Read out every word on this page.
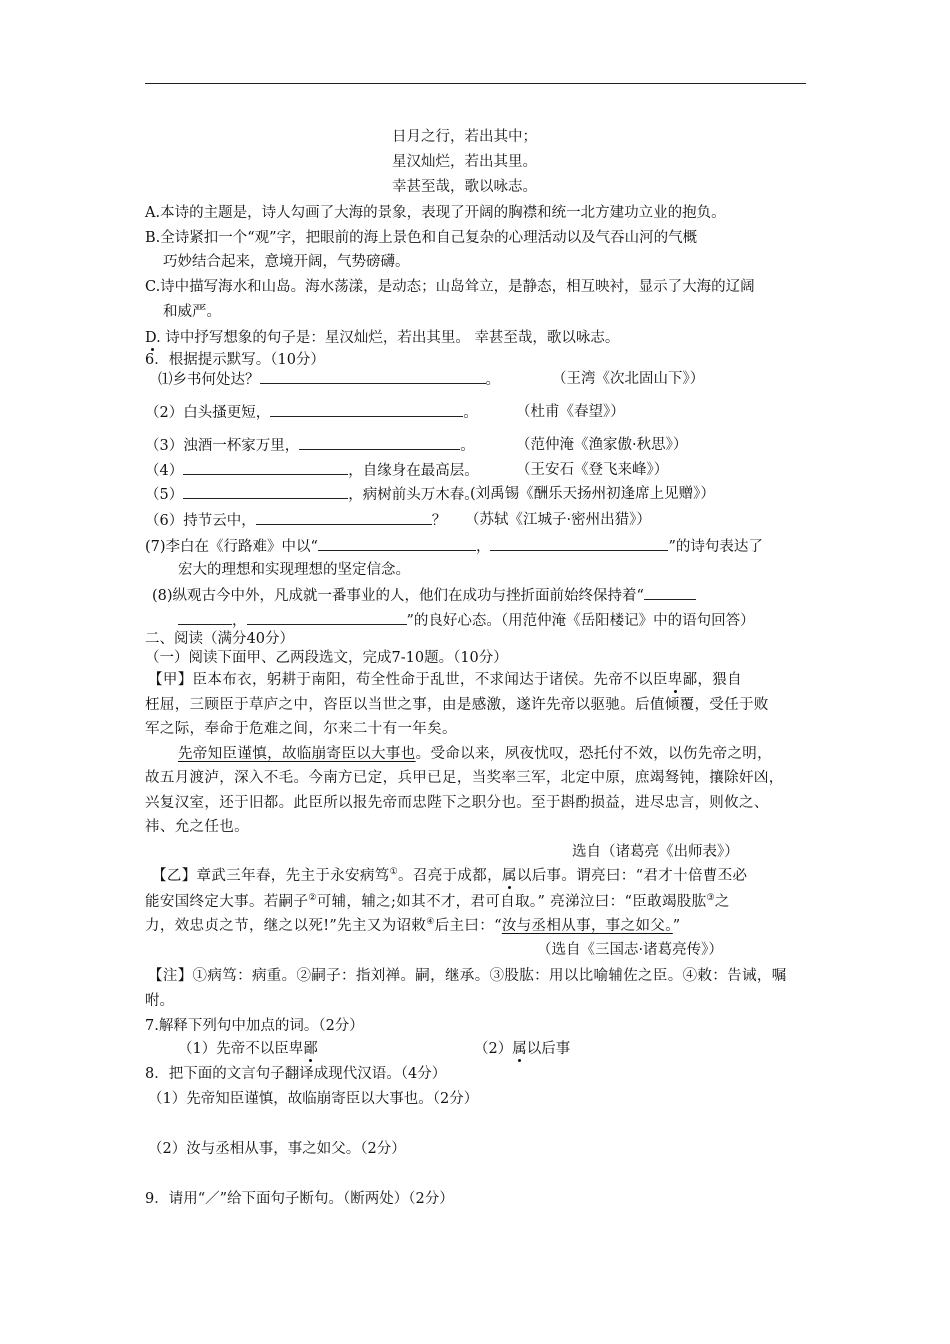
日月之行，若出其中；
星汉灿烂，若出其里。
幸甚至哉，歌以咏志。
A.本诗的主题是，诗人勾画了大海的景象，表现了开阔的胸襟和统一北方建功立业的抱负。
B.全诗紧扣一个“观”字，把眼前的海上景色和自己复杂的心理活动以及气吞山河的气概
巧妙结合起来，意境开阔，气势磅礴。
C.诗中描写海水和山岛。海水荡漾，是动态；山岛耸立，是静态，相互映衬，显示了大海的辽阔
和威严。
D. 诗中抒写想象的句子是：星汉灿烂，若出其里。 幸甚至哉，歌以咏志。
6．根据提示默写。（10分）
⑴乡书何处达？	。	（王湾《次北固山下》）
（2）白头搔更短，	。	（杜甫《春望》）
（3）浊酒一杯家万里，	。	（范仲淹《渔家傲·秋思》）
（4）	，自缘身在最高层。	（王安石《登飞来峰》）
（5）	，病树前头万木春。
(刘禹锡《酬乐天扬州初逢席上见赠》）
（6）持节云中，	？ （苏轼《江城子·密州出猎》）
(7)李白在《行路难》中以“	，	”的诗句表达了
宏大的理想和实现理想的坚定信念。
(8)纵观古今中外，凡成就一番事业的人，他们在成功与挫折面前始终保持着“
，	”的良好心态。（用范仲淹《岳阳楼记》中的语句回答）
二、阅读（满分40分）
（一）阅读下面甲、乙两段选文，完成7-10题。（10分）
【甲】臣本布衣，躬耕于南阳，苟全性命于乱世，不求闻达于诸侯。先帝不以臣卑鄙，猥自
枉屈，三顾臣于草庐之中，咨臣以当世之事，由是感激，遂许先帝以驱驰。后值倾覆，受任于败
军之际，奉命于危难之间，尔来二十有一年矣。
先帝知臣谨慎，故临崩寄臣以大事也。受命以来，夙夜忧叹，恐托付不效，以伤先帝之明，
故五月渡泸，深入不毛。今南方已定，兵甲已足，当奖率三军，北定中原，庶竭驽钝，攘除奸凶，
兴复汉室，还于旧都。此臣所以报先帝而忠陛下之职分也。至于斟酌损益，进尽忠言，则攸之、
祎、允之任也。
选自（诸葛亮《出师表》）
【乙】章武三年春，先主于永安病笃①。召亮于成都，属以后事。谓亮曰：“君才十倍曹丕必
能安国终定大事。若嗣子②可辅，辅之;如其不才，君可自取。” 亮涕泣曰：“臣敢竭股肱③之
力，效忠贞之节，继之以死!”先主又为诏敕④后主曰：“汝与丞相从事，事之如父。”
（选自《三国志·诸葛亮传》）
【注】①病笃：病重。②嗣子：指刘禅。嗣，继承。③股肱：用以比喻辅佐之臣。④敕：告诫，嘱
咐。
7.解释下列句中加点的词。（2分）
（1）先帝不以臣卑鄙	（2）属以后事
8．把下面的文言句子翻译成现代汉语。（4分）
（1）先帝知臣谨慎，故临崩寄臣以大事也。（2分）
（2）汝与丞相从事，事之如父。（2分）
9．请用“／”给下面句子断句。（断两处）（2分）
